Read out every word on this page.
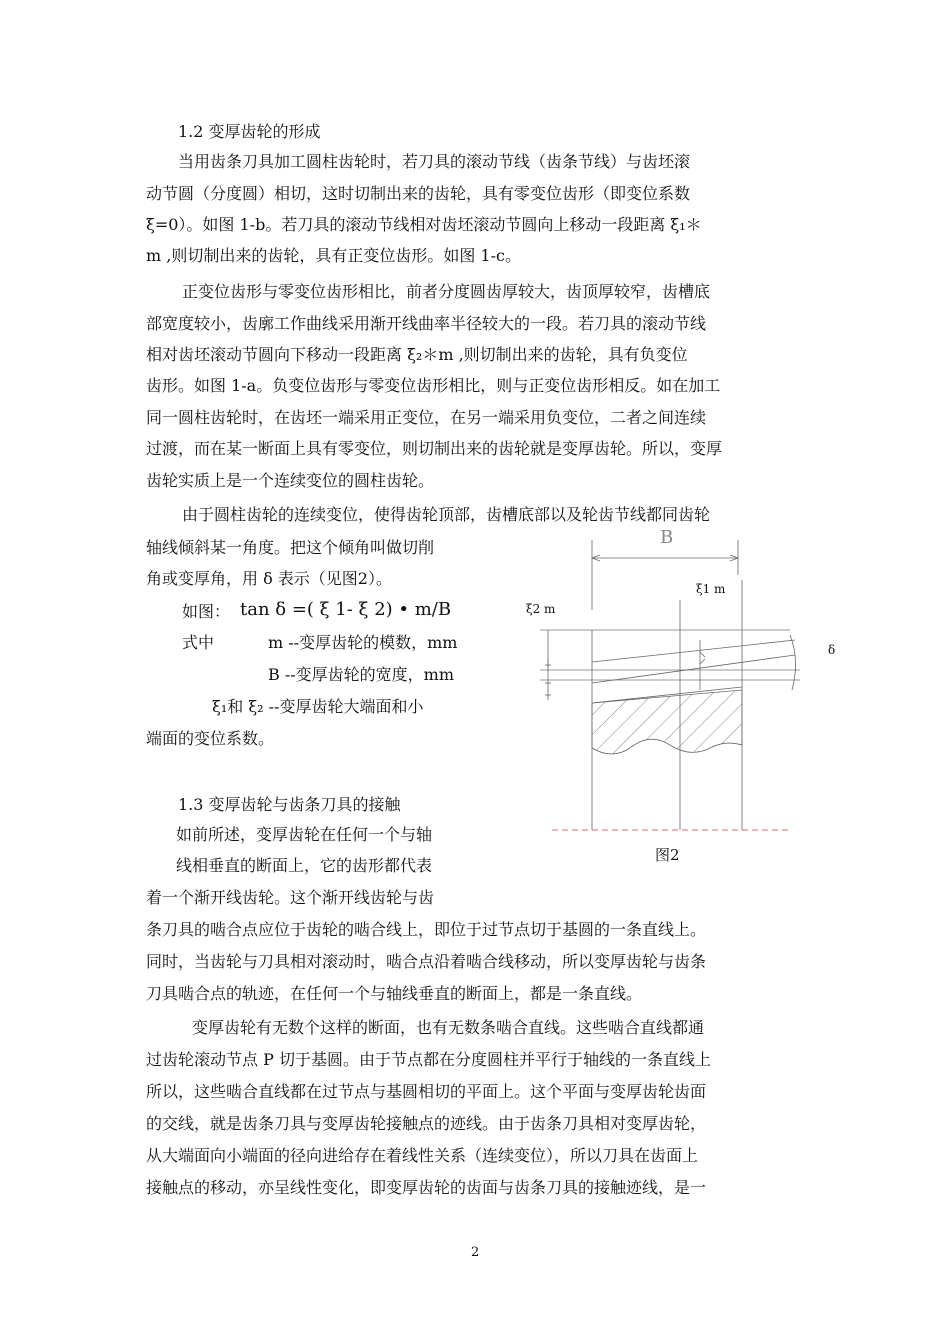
1.2 变厚齿轮的形成
当用齿条刀具加工圆柱齿轮时，若刀具的滚动节线（齿条节线）与齿坯滚
动节圆（分度圆）相切，这时切制出来的齿轮，具有零变位齿形（即变位系数
ξ=0）。如图 1-b。若刀具的滚动节线相对齿坯滚动节圆向上移动一段距离 ξ₁＊
m ,则切制出来的齿轮，具有正变位齿形。如图 1-c。
正变位齿形与零变位齿形相比，前者分度圆齿厚较大，齿顶厚较窄，齿槽底
部宽度较小，齿廓工作曲线采用渐开线曲率半径较大的一段。若刀具的滚动节线
相对齿坯滚动节圆向下移动一段距离 ξ₂＊m ,则切制出来的齿轮，具有负变位
齿形。如图 1-a。负变位齿形与零变位齿形相比，则与正变位齿形相反。如在加工
同一圆柱齿轮时，在齿坯一端采用正变位，在另一端采用负变位，二者之间连续
过渡，而在某一断面上具有零变位，则切制出来的齿轮就是变厚齿轮。所以，变厚
齿轮实质上是一个连续变位的圆柱齿轮。
由于圆柱齿轮的连续变位，使得齿轮顶部，齿槽底部以及轮齿节线都同齿轮
轴线倾斜某一角度。把这个倾角叫做切削
角或变厚角，用 δ 表示（见图2）。
如图： tan δ =( ξ 1- ξ 2) • m/B
式中	m --变厚齿轮的模数，mm
B --变厚齿轮的宽度，mm
ξ₁和 ξ₂ --变厚齿轮大端面和小
端面的变位系数。
1.3 变厚齿轮与齿条刀具的接触
如前所述，变厚齿轮在任何一个与轴
线相垂直的断面上，它的齿形都代表
着一个渐开线齿轮。这个渐开线齿轮与齿
条刀具的啮合点应位于齿轮的啮合线上，即位于过节点切于基圆的一条直线上。
同时，当齿轮与刀具相对滚动时，啮合点沿着啮合线移动，所以变厚齿轮与齿条
刀具啮合点的轨迹，在任何一个与轴线垂直的断面上，都是一条直线。
变厚齿轮有无数个这样的断面，也有无数条啮合直线。这些啮合直线都通
过齿轮滚动节点 P 切于基圆。由于节点都在分度圆柱并平行于轴线的一条直线上
所以，这些啮合直线都在过节点与基圆相切的平面上。这个平面与变厚齿轮齿面
的交线，就是齿条刀具与变厚齿轮接触点的迹线。由于齿条刀具相对变厚齿轮，
从大端面向小端面的径向进给存在着线性关系（连续变位），所以刀具在齿面上
接触点的移动，亦呈线性变化，即变厚齿轮的齿面与齿条刀具的接触迹线，是一
B
ξ1 m
ξ2 m
δ
图2
2
